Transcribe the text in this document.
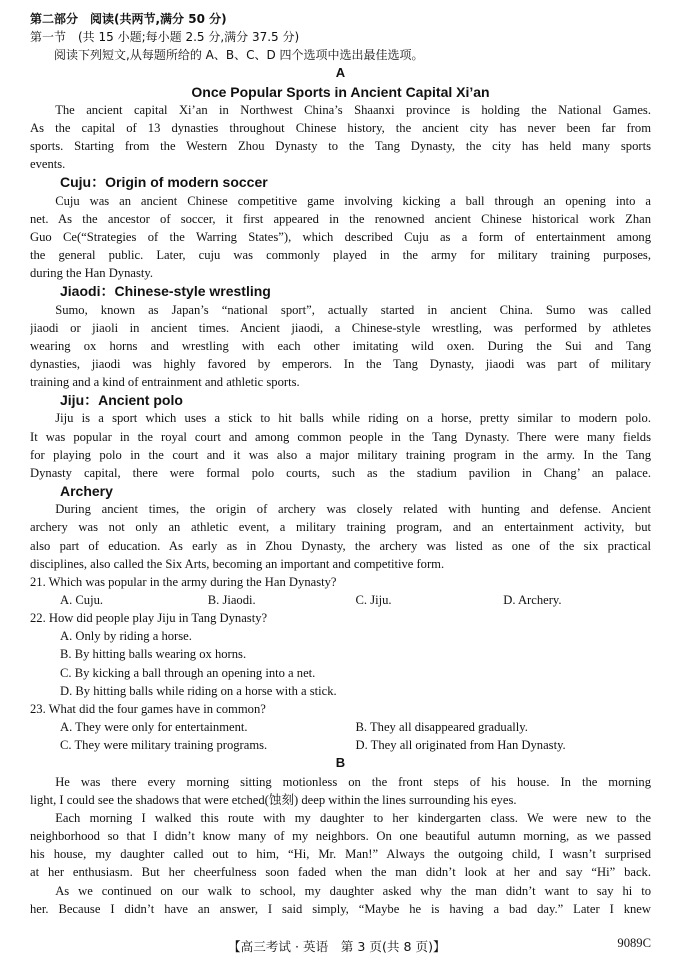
第二部分　阅读(共两节,满分 50 分)
第一节　(共 15 小题;每小题 2.5 分,满分 37.5 分)
阅读下列短文,从每题所给的 A、B、C、D 四个选项中选出最佳选项。
A
Once Popular Sports in Ancient Capital Xi’an
The ancient capital Xi’an in Northwest China’s Shaanxi province is holding the National Games.
As the capital of 13 dynasties throughout Chinese history, the ancient city has never been far from
sports. Starting from the Western Zhou Dynasty to the Tang Dynasty, the city has held many sports
events.
Cuju：Origin of modern soccer
Cuju was an ancient Chinese competitive game involving kicking a ball through an opening into a
net. As the ancestor of soccer, it first appeared in the renowned ancient Chinese historical work Zhan
Guo Ce(“Strategies of the Warring States”), which described Cuju as a form of entertainment among
the general public. Later, cuju was commonly played in the army for military training purposes,
during the Han Dynasty.
Jiaodi：Chinese-style wrestling
Sumo, known as Japan’s “national sport”, actually started in ancient China. Sumo was called
jiaodi or jiaoli in ancient times. Ancient jiaodi, a Chinese-style wrestling, was performed by athletes
wearing ox horns and wrestling with each other imitating wild oxen. During the Sui and Tang
dynasties, jiaodi was highly favored by emperors. In the Tang Dynasty, jiaodi was part of military
training and a kind of entrainment and athletic sports.
Jiju：Ancient polo
Jiju is a sport which uses a stick to hit balls while riding on a horse, pretty similar to modern polo.
It was popular in the royal court and among common people in the Tang Dynasty. There were many fields
for playing polo in the court and it was also a major military training program in the army. In the Tang
Dynasty capital, there were formal polo courts, such as the stadium pavilion in Chang’ an palace.
Archery
During ancient times, the origin of archery was closely related with hunting and defense. Ancient
archery was not only an athletic event, a military training program, and an entertainment activity, but
also part of education. As early as in Zhou Dynasty, the archery was listed as one of the six practical
disciplines, also called the Six Arts, becoming an important and competitive form.
21. Which was popular in the army during the Han Dynasty?
A. Cuju.	B. Jiaodi.	C. Jiju.	D. Archery.
22. How did people play Jiju in Tang Dynasty?
A. Only by riding a horse.
B. By hitting balls wearing ox horns.
C. By kicking a ball through an opening into a net.
D. By hitting balls while riding on a horse with a stick.
23. What did the four games have in common?
A. They were only for entertainment.	B. They all disappeared gradually.
C. They were military training programs.	D. They all originated from Han Dynasty.
B
He was there every morning sitting motionless on the front steps of his house. In the morning
light, I could see the shadows that were etched(蚀刻) deep within the lines surrounding his eyes.
Each morning I walked this route with my daughter to her kindergarten class. We were new to the
neighborhood so that I didn’t know many of my neighbors. On one beautiful autumn morning, as we passed
his house, my daughter called out to him, “Hi, Mr. Man!” Always the outgoing child, I wasn’t surprised
at her enthusiasm. But her cheerfulness soon faded when the man didn’t look at her and say “Hi” back.
As we continued on our walk to school, my daughter asked why the man didn’t want to say hi to
her. Because I didn’t have an answer, I said simply, “Maybe he is having a bad day.” Later I knew
【高三考试 · 英语　第 3 页(共 8 页)】	9089C
